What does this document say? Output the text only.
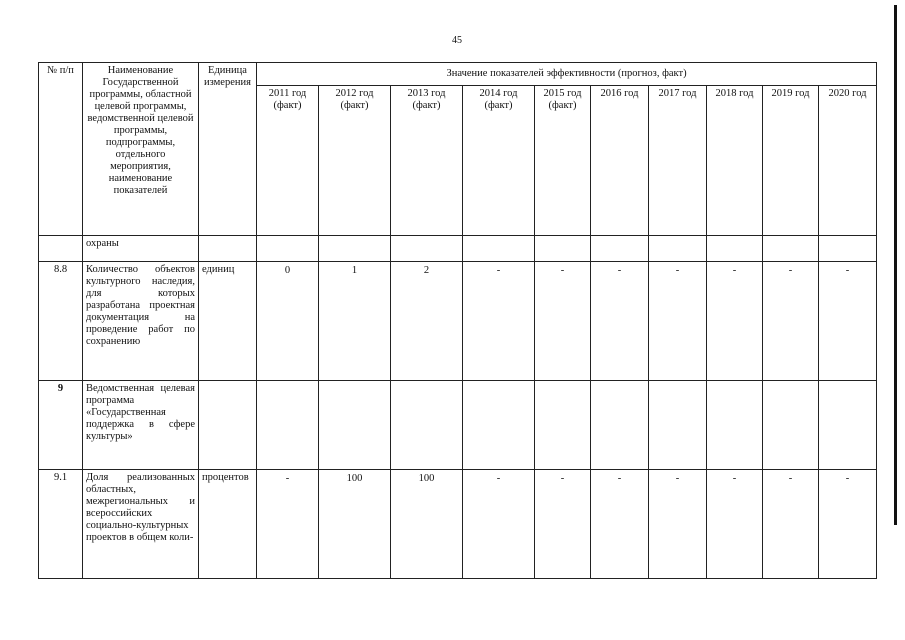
45
№ п/п	Наименование Государственной программы, областной целевой программы, ведомственной целевой программы, подпрограммы, отдельного мероприятия, наименование показателей	Единица измерения	Значение показателей эффективности (прогноз, факт)									
			2011 год (факт)	2012 год (факт)	2013 год (факт)	2014 год (факт)	2015 год (факт)	2016 год	2017 год	2018 год	2019 год	2020 год
	охраны											
8.8	Количество объектов культурного наследия, для которых разработана проектная документация на проведение работ по сохранению	единиц	0	1	2	-	-	-	-	-	-	-
9	Ведомственная целевая программа «Государственная поддержка в сфере культуры»											
9.1	Доля реализованных областных, межрегиональных и всероссийских социально-культурных проектов в общем коли-	процентов	-	100	100	-	-	-	-	-	-	-
